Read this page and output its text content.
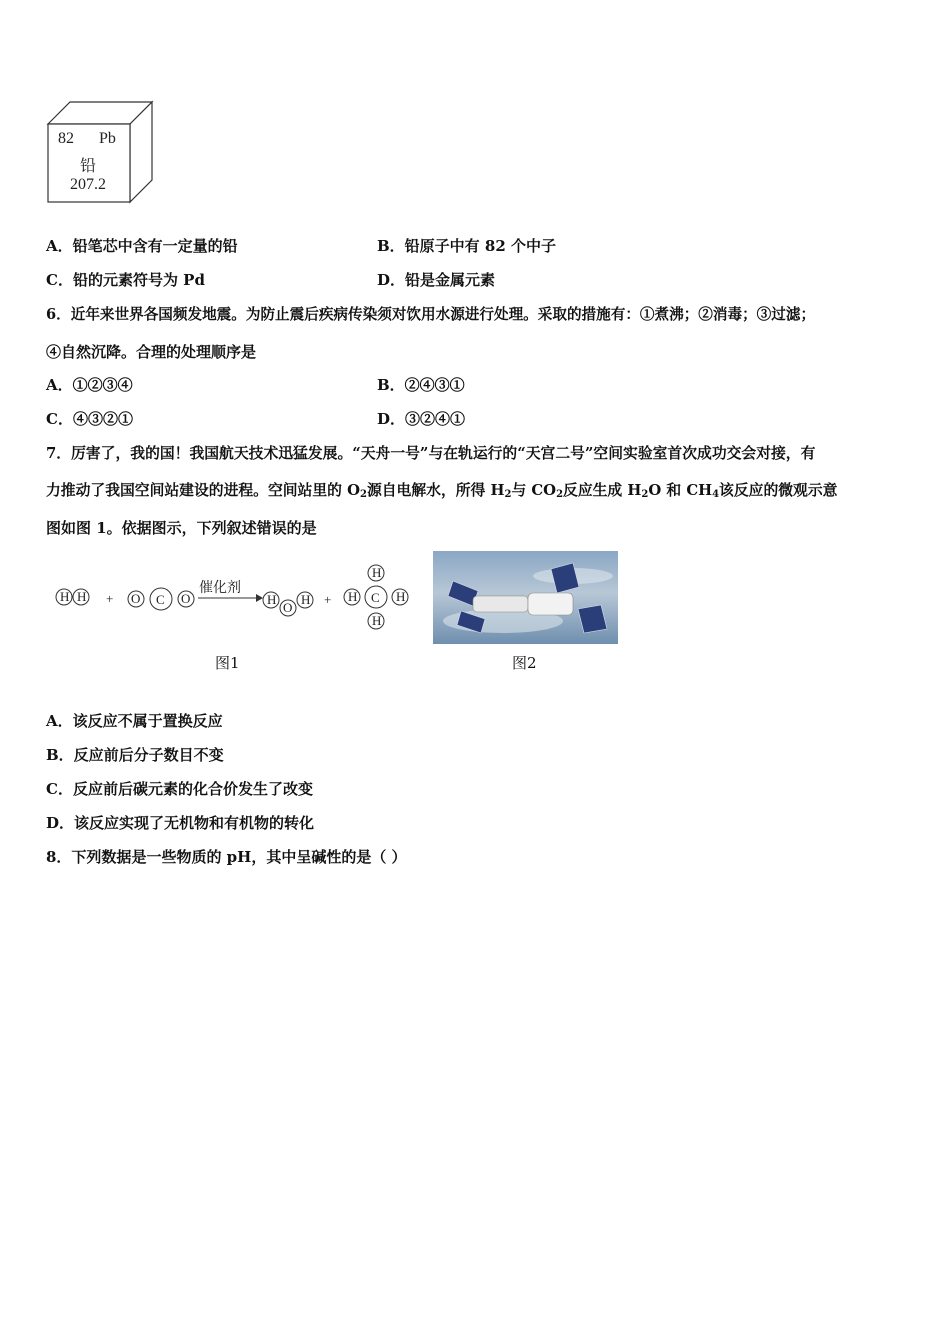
82 Pb
铅
207.2
A．铅笔芯中含有一定量的铅	B．铅原子中有 82 个中子
C．铅的元素符号为 Pd	D．铅是金属元素
6．近年来世界各国频发地震。为防止震后疾病传染须对饮用水源进行处理。采取的措施有：①煮沸；②消毒；③过滤；
④自然沉降。合理的处理顺序是
A．①②③④	B．②④③①
C．④③②①	D．③②④①
7．厉害了，我的国！我国航天技术迅猛发展。“天舟一号”与在轨运行的“天宫二号”空间实验室首次成功交会对接，有
力推动了我国空间站建设的进程。空间站里的 $O_2$源自电解水，所得 $H_2$与 $CO_2$反应生成 $H_2O$ 和 $CH_4$该反应的微观示意
图如图 1。依据图示，下列叙述错误的是
H H + O C O
催化剂
H
O
H +
H
H C H
H
图1	图2
A．该反应不属于置换反应
B．反应前后分子数目不变
C．反应前后碳元素的化合价发生了改变
D．该反应实现了无机物和有机物的转化
8．下列数据是一些物质的 pH，其中呈碱性的是（ ）
